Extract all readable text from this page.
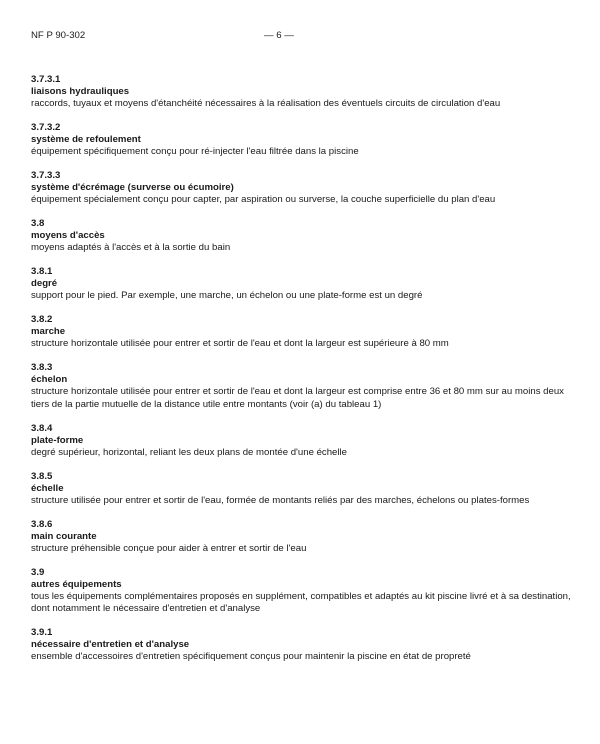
NF P 90-302	— 6 —
3.7.3.1
liaisons hydrauliques
raccords, tuyaux et moyens d'étanchéité nécessaires à la réalisation des éventuels circuits de circulation d'eau
3.7.3.2
système de refoulement
équipement spécifiquement conçu pour ré-injecter l'eau filtrée dans la piscine
3.7.3.3
système d'écrémage (surverse ou écumoire)
équipement spécialement conçu pour capter, par aspiration ou surverse, la couche superficielle du plan d'eau
3.8
moyens d'accès
moyens adaptés à l'accès et à la sortie du bain
3.8.1
degré
support pour le pied. Par exemple, une marche, un échelon ou une plate-forme est un degré
3.8.2
marche
structure horizontale utilisée pour entrer et sortir de l'eau et dont la largeur est supérieure à 80 mm
3.8.3
échelon
structure horizontale utilisée pour entrer et sortir de l'eau et dont la largeur est comprise entre 36 et 80 mm sur au moins deux tiers de la partie mutuelle de la distance utile entre montants (voir (a) du tableau 1)
3.8.4
plate-forme
degré supérieur, horizontal, reliant les deux plans de montée d'une échelle
3.8.5
échelle
structure utilisée pour entrer et sortir de l'eau, formée de montants reliés par des marches, échelons ou plates-formes
3.8.6
main courante
structure préhensible conçue pour aider à entrer et sortir de l'eau
3.9
autres équipements
tous les équipements complémentaires proposés en supplément, compatibles et adaptés au kit piscine livré et à sa destination, dont notamment le nécessaire d'entretien et d'analyse
3.9.1
nécessaire d'entretien et d'analyse
ensemble d'accessoires d'entretien spécifiquement conçus pour maintenir la piscine en état de propreté
